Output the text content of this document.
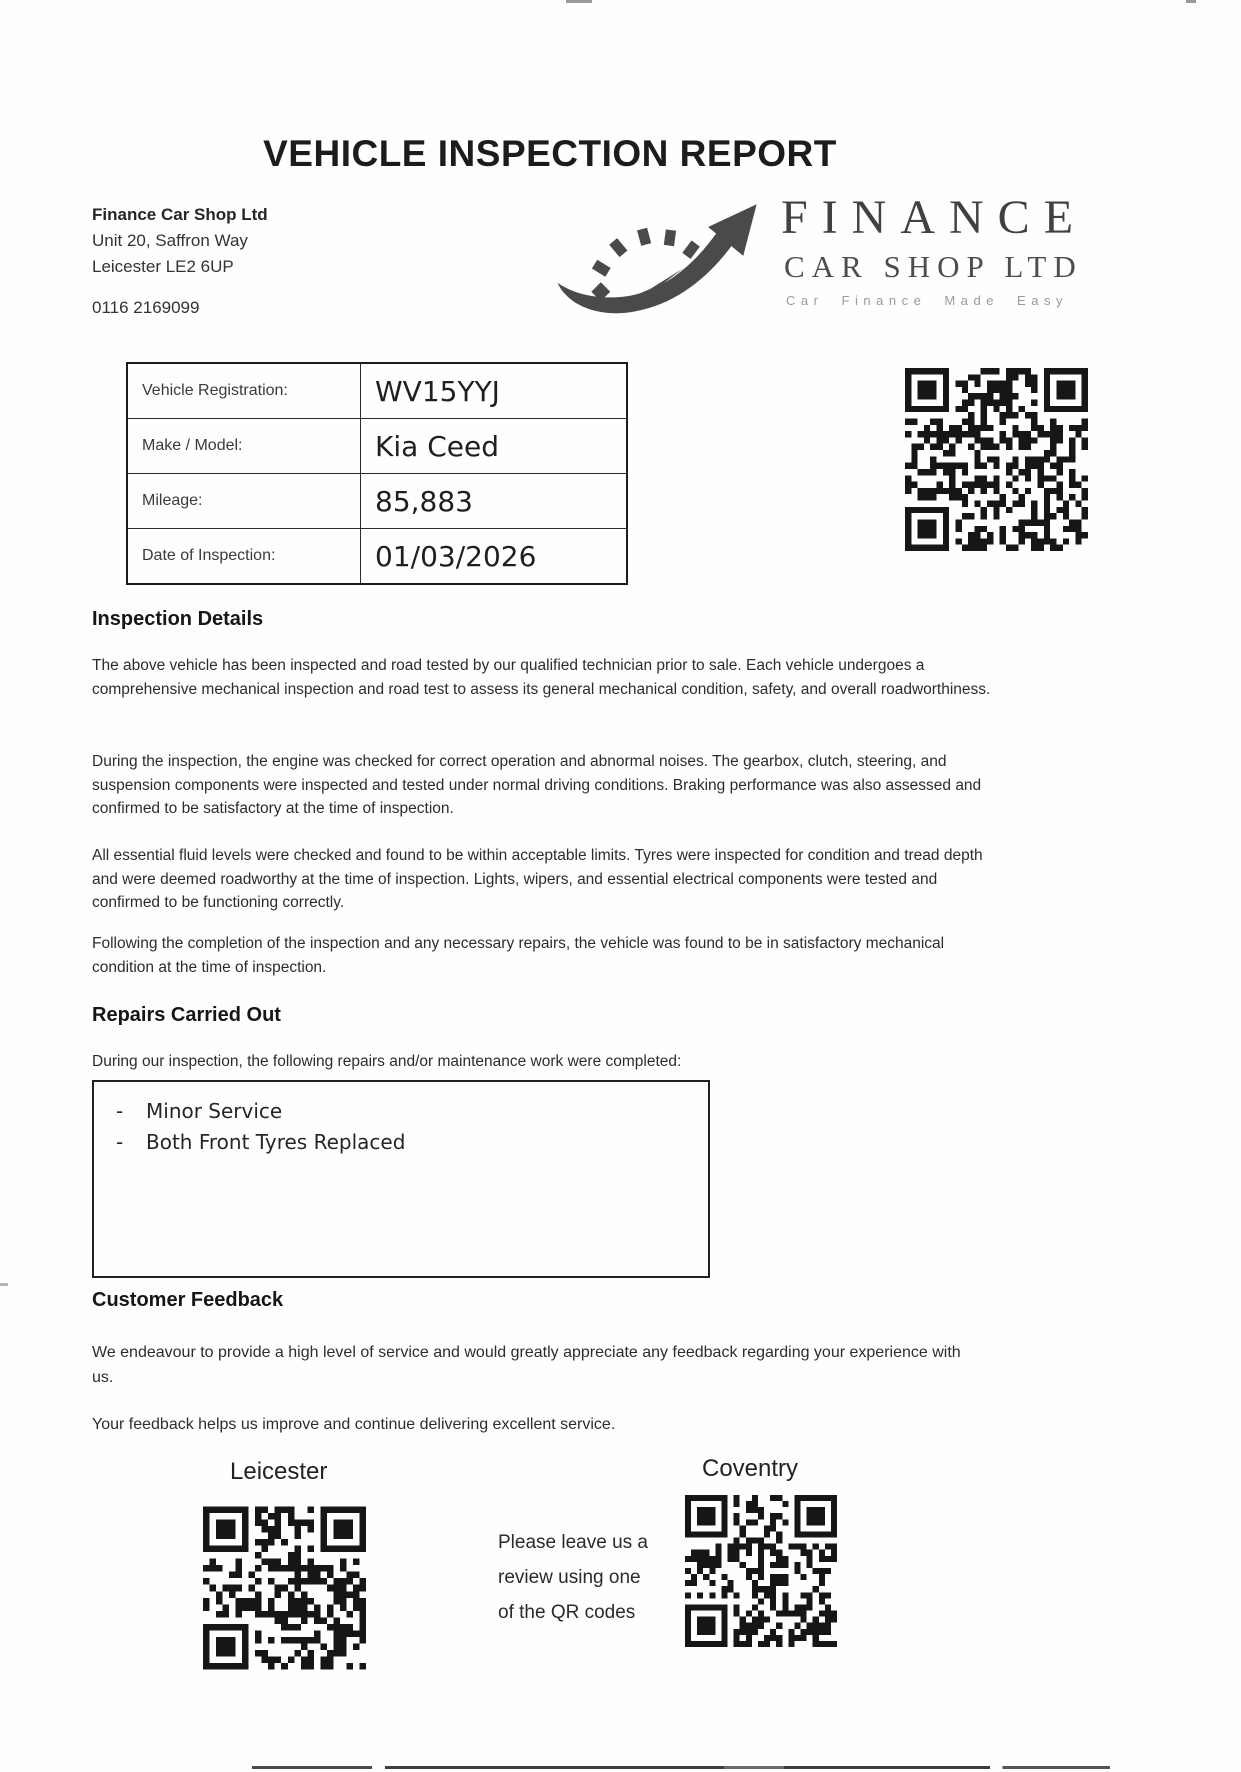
VEHICLE INSPECTION REPORT
Finance Car Shop Ltd
Unit 20, Saffron Way
Leicester LE2 6UP
0116 2169099
FINANCE
CAR SHOP LTD
Car Finance Made Easy
Vehicle Registration:	WV15YYJ
Make / Model:	Kia Ceed
Mileage:	85,883
Date of Inspection:	01/03/2026
Inspection Details
The above vehicle has been inspected and road tested by our qualified technician prior to sale. Each vehicle undergoes a comprehensive mechanical inspection and road test to assess its general mechanical condition, safety, and overall roadworthiness.
During the inspection, the engine was checked for correct operation and abnormal noises. The gearbox, clutch, steering, and suspension components were inspected and tested under normal driving conditions. Braking performance was also assessed and confirmed to be satisfactory at the time of inspection.
All essential fluid levels were checked and found to be within acceptable limits. Tyres were inspected for condition and tread depth and were deemed roadworthy at the time of inspection. Lights, wipers, and essential electrical components were tested and confirmed to be functioning correctly.
Following the completion of the inspection and any necessary repairs, the vehicle was found to be in satisfactory mechanical condition at the time of inspection.
Repairs Carried Out
During our inspection, the following repairs and/or maintenance work were completed:
- Minor Service
- Both Front Tyres Replaced
Customer Feedback
We endeavour to provide a high level of service and would greatly appreciate any feedback regarding your experience with us.
Your feedback helps us improve and continue delivering excellent service.
Leicester	Coventry
Please leave us a
review using one
of the QR codes
